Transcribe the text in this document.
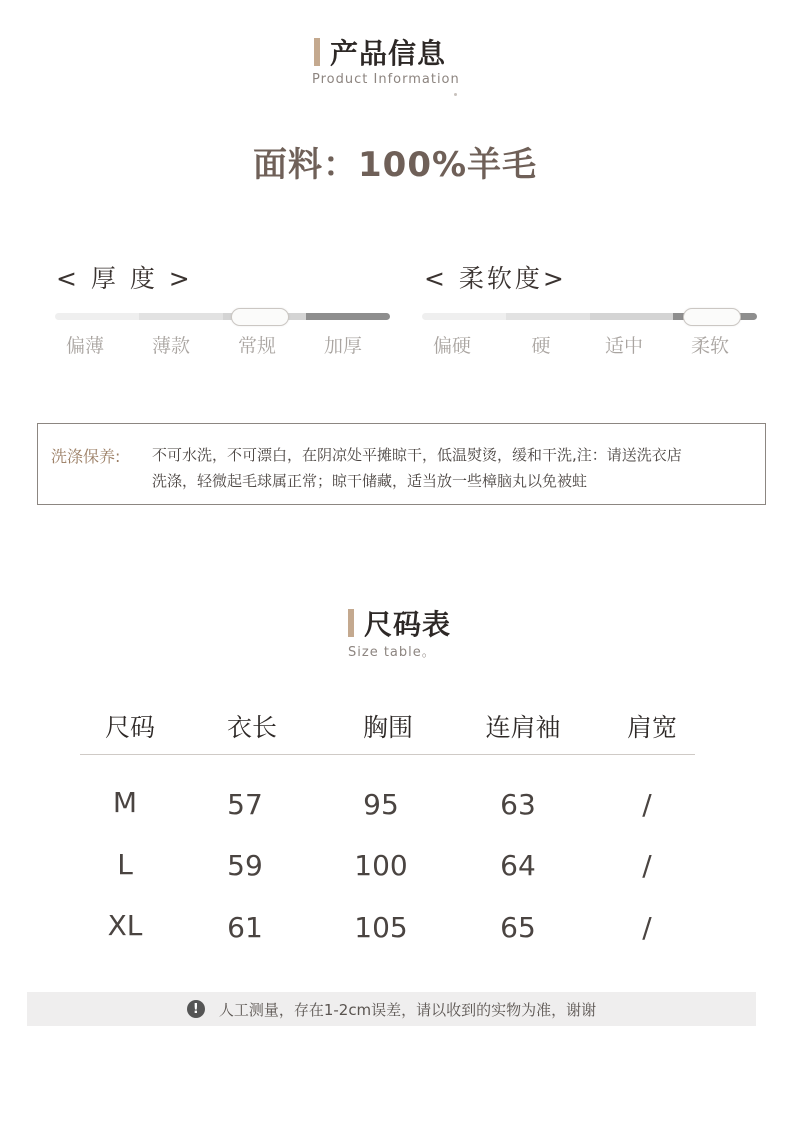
产品信息
Product Information
面料：100%羊毛
< 厚 度 >
偏薄	薄款	常规	加厚
< 柔软度>
偏硬	硬	适中	柔软
洗涤保养: 不可水洗，不可漂白，在阴凉处平摊晾干，低温熨烫，缓和干洗,注：请送洗衣店
洗涤，轻微起毛球属正常；晾干储藏，适当放一些樟脑丸以免被蛀
尺码表
Size table。
尺码	衣长	胸围	连肩袖	肩宽
M	57	95	63	/
L	59	100	64	/
XL	61	105	65	/
!	人工测量，存在1-2cm误差，请以收到的实物为准，谢谢
